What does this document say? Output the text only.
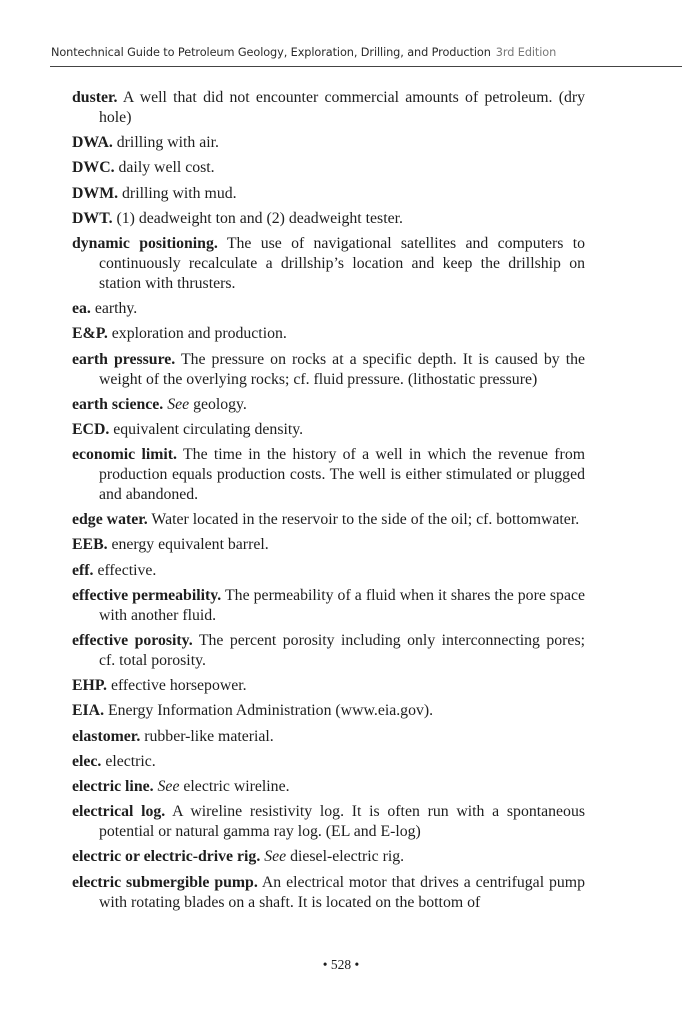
Nontechnical Guide to Petroleum Geology, Exploration, Drilling, and Production 3rd Edition

duster. A well that did not encounter commercial amounts of petroleum. (dry hole)

DWA. drilling with air.

DWC. daily well cost.

DWM. drilling with mud.

DWT. (1) deadweight ton and (2) deadweight tester.

dynamic positioning. The use of navigational satellites and computers to continuously recalculate a drillship’s location and keep the drillship on station with thrusters.

ea. earthy.

E&P. exploration and production.

earth pressure. The pressure on rocks at a specific depth. It is caused by the weight of the overlying rocks; cf. fluid pressure. (lithostatic pressure)

earth science. See geology.

ECD. equivalent circulating density.

economic limit. The time in the history of a well in which the revenue from production equals production costs. The well is either stimulated or plugged and abandoned.

edge water. Water located in the reservoir to the side of the oil; cf. bottomwater.

EEB. energy equivalent barrel.

eff. effective.

effective permeability. The permeability of a fluid when it shares the pore space with another fluid.

effective porosity. The percent porosity including only interconnecting pores; cf. total porosity.

EHP. effective horsepower.

EIA. Energy Information Administration (www.eia.gov).

elastomer. rubber-like material.

elec. electric.

electric line. See electric wireline.

electrical log. A wireline resistivity log. It is often run with a spontaneous potential or natural gamma ray log. (EL and E-log)

electric or electric-drive rig. See diesel-electric rig.

electric submergible pump. An electrical motor that drives a centrifugal pump with rotating blades on a shaft. It is located on the bottom of

• 528 •
